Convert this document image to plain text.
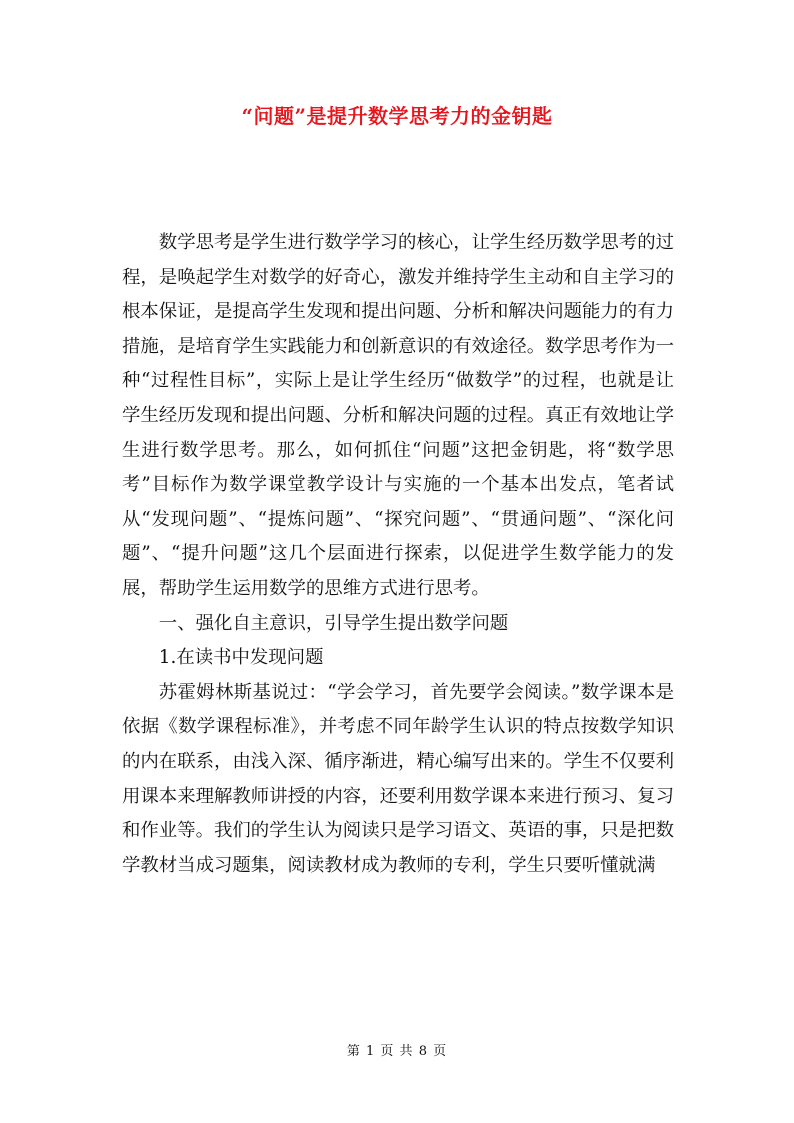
“问题”是提升数学思考力的金钥匙

数学思考是学生进行数学学习的核心，让学生经历数学思考的过程，是唤起学生对数学的好奇心，激发并维持学生主动和自主学习的根本保证，是提高学生发现和提出问题、分析和解决问题能力的有力措施，是培育学生实践能力和创新意识的有效途径。数学思考作为一种“过程性目标”，实际上是让学生经历“做数学”的过程，也就是让学生经历发现和提出问题、分析和解决问题的过程。真正有效地让学生进行数学思考。那么，如何抓住“问题”这把金钥匙，将“数学思考”目标作为数学课堂教学设计与实施的一个基本出发点，笔者试从“发现问题”、“提炼问题”、“探究问题”、“贯通问题”、“深化问题”、“提升问题”这几个层面进行探索，以促进学生数学能力的发展，帮助学生运用数学的思维方式进行思考。

一、强化自主意识，引导学生提出数学问题

1.在读书中发现问题

苏霍姆林斯基说过：“学会学习，首先要学会阅读。”数学课本是依据《数学课程标准》，并考虑不同年龄学生认识的特点按数学知识的内在联系，由浅入深、循序渐进，精心编写出来的。学生不仅要利用课本来理解教师讲授的内容，还要利用数学课本来进行预习、复习和作业等。我们的学生认为阅读只是学习语文、英语的事，只是把数学教材当成习题集，阅读教材成为教师的专利，学生只要听懂就满

第 1 页 共 8 页
